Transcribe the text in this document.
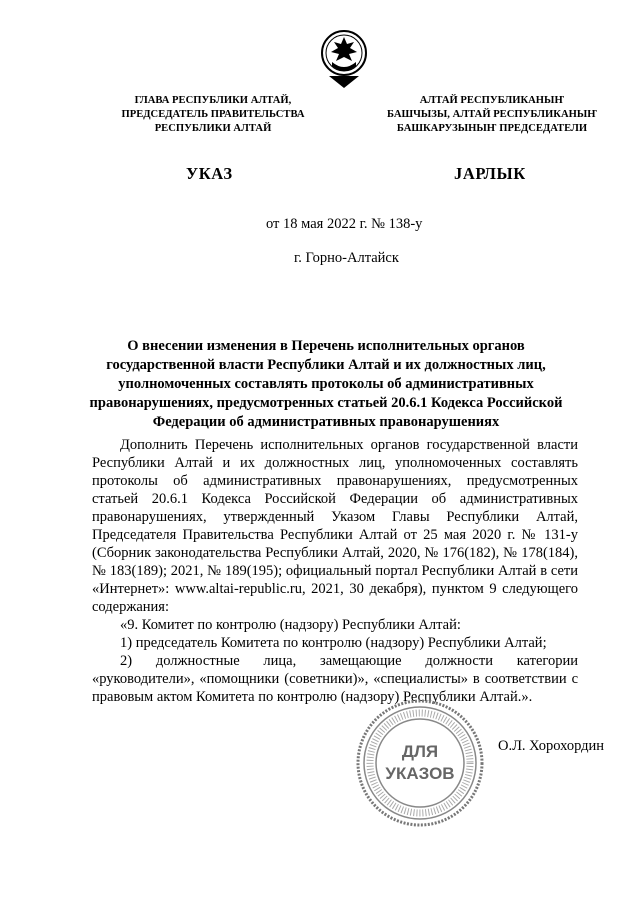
ГЛАВА РЕСПУБЛИКИ АЛТАЙ,
ПРЕДСЕДАТЕЛЬ ПРАВИТЕЛЬСТВА
РЕСПУБЛИКИ АЛТАЙ
АЛТАЙ РЕСПУБЛИКАНЫҤ
БАШЧЫЗЫ, АЛТАЙ РЕСПУБЛИКАНЫҤ
БАШКАРУЗЫНЫҤ ПРЕДСЕДАТЕЛИ
УКАЗ	JАРЛЫК
от 18 мая 2022 г. № 138-у
г. Горно-Алтайск
О внесении изменения в Перечень исполнительных органов
государственной власти Республики Алтай и их должностных лиц,
уполномоченных составлять протоколы об административных
правонарушениях, предусмотренных статьей 20.6.1 Кодекса Российской
Федерации об административных правонарушениях

Дополнить Перечень исполнительных органов государственной власти Республики Алтай и их должностных лиц, уполномоченных составлять протоколы об административных правонарушениях, предусмотренных статьей 20.6.1 Кодекса Российской Федерации об административных правонарушениях, утвержденный Указом Главы Республики Алтай, Председателя Правительства Республики Алтай от 25 мая 2020 г. № 131-у (Сборник законодательства Республики Алтай, 2020, № 176(182), № 178(184), № 183(189); 2021, № 189(195); официальный портал Республики Алтай в сети «Интернет»: www.altai-republic.ru, 2021, 30 декабря), пунктом 9 следующего содержания:

«9. Комитет по контролю (надзору) Республики Алтай:

1) председатель Комитета по контролю (надзору) Республики Алтай;

2) должностные лица, замещающие должности категории «руководители», «помощники (советники)», «специалисты» в соответствии с правовым актом Комитета по контролю (надзору) Республики Алтай.».

ДЛЯ
УКАЗОВ
О.Л. Хорохордин
